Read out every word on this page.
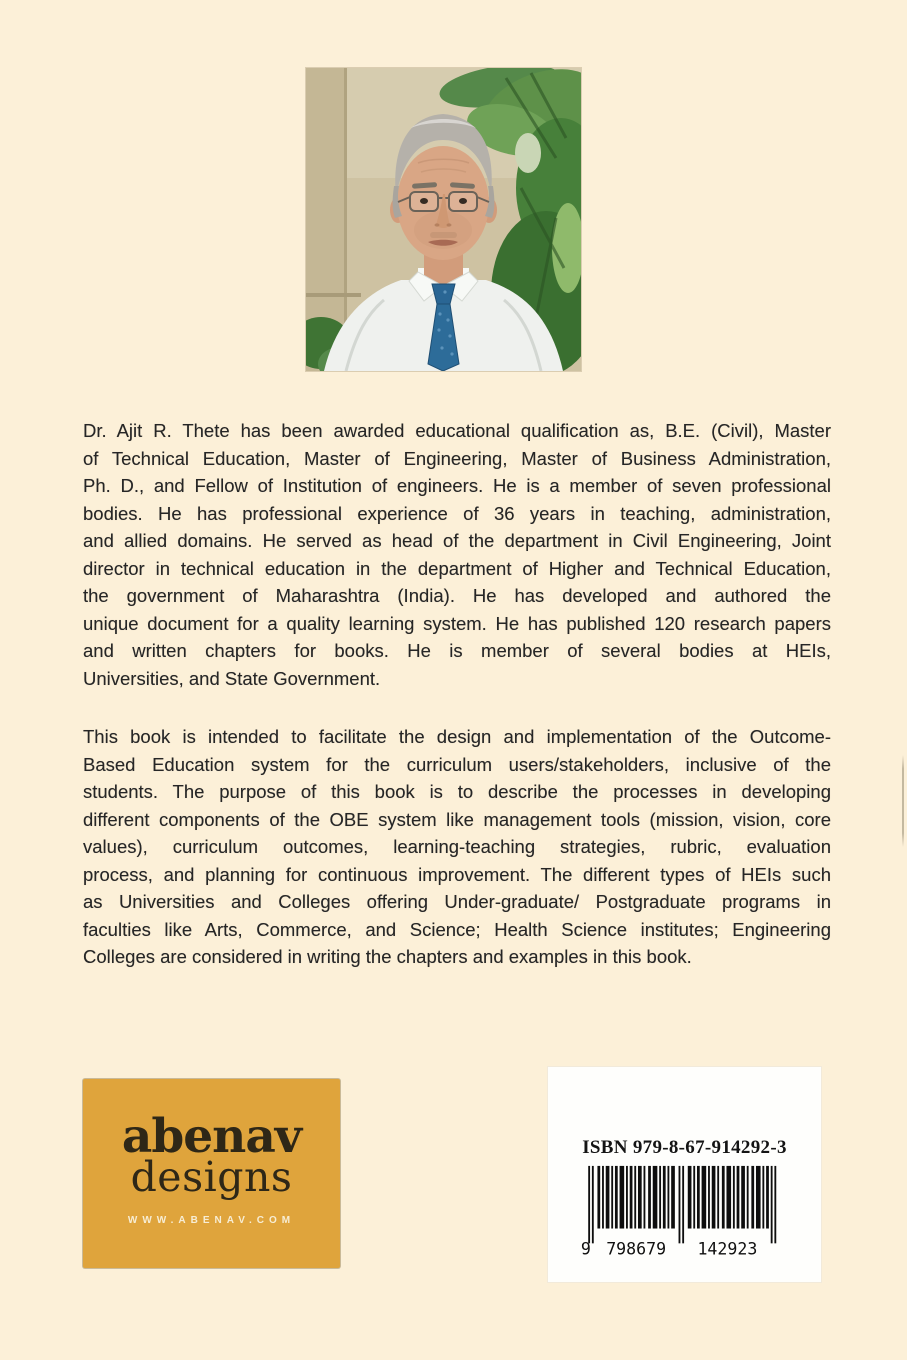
Dr. Ajit R. Thete has been awarded educational qualification as, B.E. (Civil), Master
of Technical Education, Master of Engineering, Master of Business Administration,
Ph. D., and Fellow of Institution of engineers. He is a member of seven professional
bodies. He has professional experience of 36 years in teaching, administration,
and allied domains. He served as head of the department in Civil Engineering, Joint
director in technical education in the department of Higher and Technical Education,
the government of Maharashtra (India). He has developed and authored the
unique document for a quality learning system. He has published 120 research papers
and written chapters for books. He is member of several bodies at HEIs,
Universities, and State Government.
This book is intended to facilitate the design and implementation of the Outcome-
Based Education system for the curriculum users/stakeholders, inclusive of the
students. The purpose of this book is to describe the processes in developing
different components of the OBE system like management tools (mission, vision, core
values), curriculum outcomes, learning-teaching strategies, rubric, evaluation
process, and planning for continuous improvement. The different types of HEIs such
as Universities and Colleges offering Under-graduate/ Postgraduate programs in
faculties like Arts, Commerce, and Science; Health Science institutes; Engineering
Colleges are considered in writing the chapters and examples in this book.
abenav
designs
WWW.ABENAV.COM
ISBN 979-8-67-914292-3
9 798679 142923
